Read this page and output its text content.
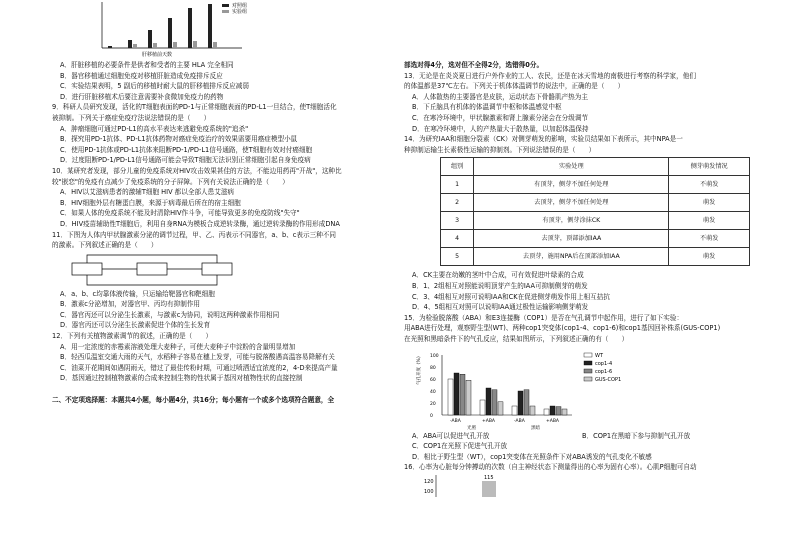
对照组
实验组
肝移植前天数
A．肝脏移植的必要条件是供者和受者的主要 HLA 完全相同
B．器官移植通过细胞免疫对移植肝脏造成免疫排斥反应
C．实验结果表明，5 副后的移植时耐大鼠的肝移植排斥反应减弱
D．进行肝脏移植术后要注意需要补食微加免疫力的药物
9．科研人员研究发现，活化的T细胞表面的PD-1与正常细胞表面的PD-L1一旦结合，使T细胞活化
被抑制。下列关于癌症免疫疗法说法错误的是（　　）
A．肿瘤细胞可通过PD-L1的高水平表达来逃避免疫系统的"追杀"
B．探究用PD-1抗体、PD-L1抗体药物对癌症免疫治疗的效果需要用癌症模型小鼠
C．使用PD-1抗体或PD-L1抗体来阻断PD-1/PD-L1信号通路，使T细胞有效对付癌细胞
D．过度阻断PD-1/PD-L1信号通路可能会导致T细胞无法识别正常细胞引起自身免疫病
10．某研究者发现，部分儿童的免疫系统对HIV攻击效果甚佳的方法，不能边用药再"开战"，这种比
较"嵌恋"的免疫有点减少了免疫系统的分子屏障。下列有关说法正确的是（　　）
A．HIV以艾滋病患者的激辅T细胞 HIV 都以全部人患艾滋病
B．HIV细胞外层有糖蛋白膜，来源于病毒最后所在的宿主细胞
C．如果人体的免疫系统不能及时清除HIV作斗争，可能导致更多的免疫防线"失守"
D．HIV疫苗辅助性T细胞后，利用自身RNA为模板合成逆转录酶，通过逆转录酶的作用形成DNA
11．下图为人体内甲状腺激素分泌的调节过程，甲、乙、丙表示不同器官，a、b、c表示三种不同
的激素。下列叙述正确的是（　　）
A．a、b、c均靠体液传输，只运输给靶器官和靶细胞
B．激素c分泌增加，对器官甲、丙均有抑制作用
C．器官丙还可以分泌生长激素，与激素c为协同，说明这两种激素作用相同
D．器官丙还可以分泌生长激素促进个体的生长发育
12．下列有关植物激素调节的叙述，正确的是（　　）
A．用一定浓度的赤霉素溶液处理大麦种子，可使大麦种子中淀粉的含量明显增加
B．轻西瓜温室交通大雨的天气，水稻种子容易在穗上发芽，可能与脱落酸遇高温容易降解有关
C．油菜开花期间如遇阴雨天，错过了最佳传粉时期，可通过喷洒适宜浓度的2，4-D来提高产量
D．基因通过控制植物激素的合成来控制生物的性状属于基因对植物性状的直接控制

二、不定项选择题：本题共4小题，每小题4分，共16分；每小题有一个或多个选项符合题意，全
部选对得4分，选对但不全得2分，选错得0分。
13．无论是在炎炎夏日进行户外作业的工人、农民，还是在冰天雪地的南极进行考察的科学家，他们
的体温都是37℃左右。下列关于机体体温调节的说法中，正确的是（　　）
A．人体散热的主要器官是皮肤，运动状态下骨骼肌产热为主
B．下丘脑具有机体的体温调节中枢和体温感觉中枢
C．在寒冷环境中，甲状腺激素和肾上腺素分泌会在分级调节
D．在寒冷环境中，人的产热量大于散热量，以加起体温保持
14．为研究IAA和细胞分裂素（CK）对侧芽萌发的影响，实验员结果如下表所示，其中NPA是一
种抑制运输生长素极性运输的抑制剂。下列说法错误的是（　　）
组别	实验处理	侧芽萌发情况
1	有顶芽，侧芽不加任何处理	不萌发
2	去顶芽，侧芽不加任何处理	萌发
3	有顶芽，侧芽涂抹CK	萌发
4	去顶芽，顶部添加IAA	不萌发
5	去顶芽，施用NPA后在顶部添加IAA	萌发
A．CK主要在幼嫩的茎叶中合成，可有效促进叶绿素的合成
B．1、2组相互对照能说明顶芽产生的IAA可抑制侧芽的萌发
C．3、4组相互对照可说明IAA和CK在促进侧芽萌发作用上相互拮抗
D．4、5组相互对照可以说明IAA通过极性运输影响侧芽萌发
15．为检验脱落酸（ABA）和E3连接酶（COP1）是否在气孔调节中起作用，进行了如下实验：
用ABA进行处理，观察野生型(WT)、两种cop1突变体(cop1-4、cop1-6)和cop1基因回补株系(GUS-COP1)
在光照和黑暗条件下的气孔反应，结果如图所示，下列叙述正确的有（　　）
100
80
60
40
20
0
气孔开度（%）
-ABA	+ABA	-ABA	+ABA
光照	黑暗
WT
cop1-4
cop1-6
GUS-COP1
A．ABA可以促进气孔开放	B．COP1在黑暗下参与抑制气孔开放
C．COP1在光照下促进气孔开放
D．相比于野生型（WT），cop1突变体在光照条件下对ABA诱发的气孔变化不敏感
16．心率为心脏每分钟搏动的次数（自主神经状态下测量得出的心率为固有心率）。心肌P细胞可自动
120
100
115
